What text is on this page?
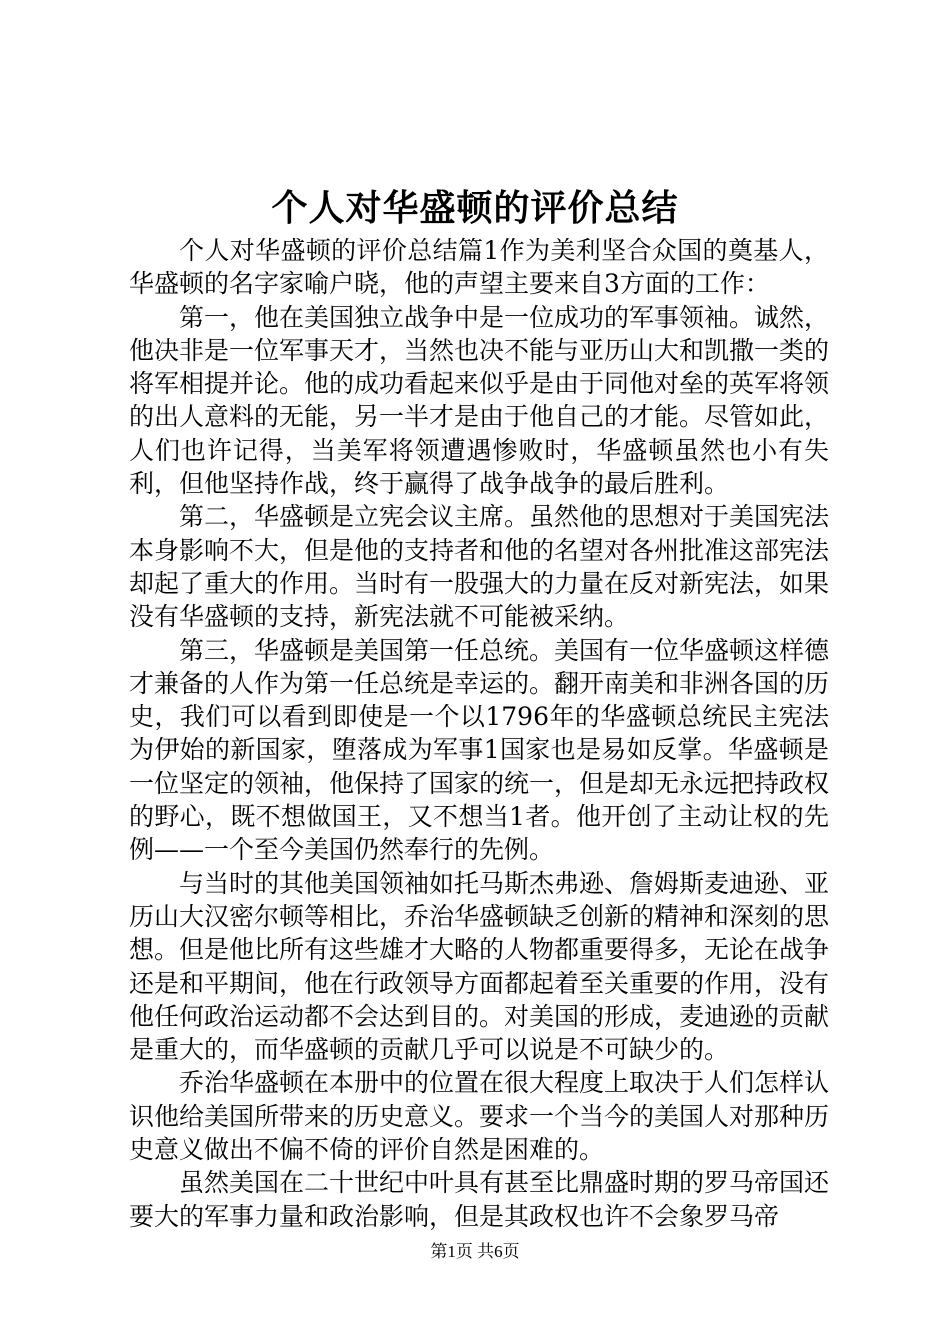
个人对华盛顿的评价总结

个人对华盛顿的评价总结篇1作为美利坚合众国的奠基人，华盛顿的名字家喻户晓，他的声望主要来自3方面的工作：

第一，他在美国独立战争中是一位成功的军事领袖。诚然，他决非是一位军事天才，当然也决不能与亚历山大和凯撒一类的将军相提并论。他的成功看起来似乎是由于同他对垒的英军将领的出人意料的无能，另一半才是由于他自己的才能。尽管如此，人们也许记得，当美军将领遭遇惨败时，华盛顿虽然也小有失利，但他坚持作战，终于赢得了战争战争的最后胜利。

第二，华盛顿是立宪会议主席。虽然他的思想对于美国宪法本身影响不大，但是他的支持者和他的名望对各州批准这部宪法却起了重大的作用。当时有一股强大的力量在反对新宪法，如果没有华盛顿的支持，新宪法就不可能被采纳。

第三，华盛顿是美国第一任总统。美国有一位华盛顿这样德才兼备的人作为第一任总统是幸运的。翻开南美和非洲各国的历史，我们可以看到即使是一个以1796年的华盛顿总统民主宪法为伊始的新国家，堕落成为军事1国家也是易如反掌。华盛顿是一位坚定的领袖，他保持了国家的统一，但是却无永远把持政权的野心，既不想做国王，又不想当1者。他开创了主动让权的先例——一个至今美国仍然奉行的先例。

与当时的其他美国领袖如托马斯杰弗逊、詹姆斯麦迪逊、亚历山大汉密尔顿等相比，乔治华盛顿缺乏创新的精神和深刻的思想。但是他比所有这些雄才大略的人物都重要得多，无论在战争还是和平期间，他在行政领导方面都起着至关重要的作用，没有他任何政治运动都不会达到目的。对美国的形成，麦迪逊的贡献是重大的，而华盛顿的贡献几乎可以说是不可缺少的。

乔治华盛顿在本册中的位置在很大程度上取决于人们怎样认识他给美国所带来的历史意义。要求一个当今的美国人对那种历史意义做出不偏不倚的评价自然是困难的。

虽然美国在二十世纪中叶具有甚至比鼎盛时期的罗马帝国还要大的军事力量和政治影响，但是其政权也许不会象罗马帝

第1页 共6页
